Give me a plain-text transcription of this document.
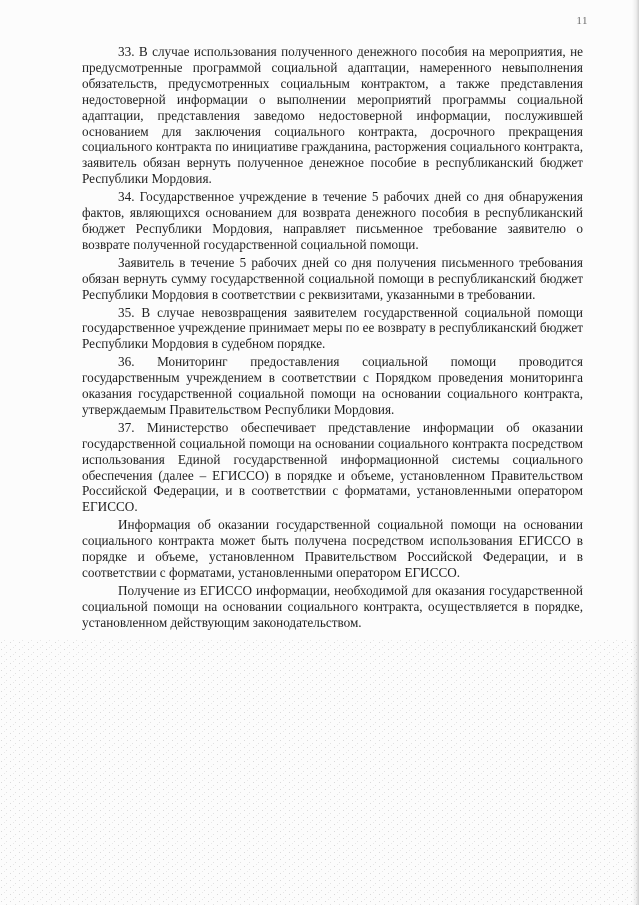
11

33. В случае использования полученного денежного пособия на мероприятия, не предусмотренные программой социальной адаптации, намеренного невыполнения обязательств, предусмотренных социальным контрактом, а также представления недостоверной информации о выполнении мероприятий программы социальной адаптации, представления заведомо недостоверной информации, послужившей основанием для заключения социального контракта, досрочного прекращения социального контракта по инициативе гражданина, расторжения социального контракта, заявитель обязан вернуть полученное денежное пособие в республиканский бюджет Республики Мордовия.

34. Государственное учреждение в течение 5 рабочих дней со дня обнаружения фактов, являющихся основанием для возврата денежного пособия в республиканский бюджет Республики Мордовия, направляет письменное требование заявителю о возврате полученной государственной социальной помощи.

Заявитель в течение 5 рабочих дней со дня получения письменного требования обязан вернуть сумму государственной социальной помощи в республиканский бюджет Республики Мордовия в соответствии с реквизитами, указанными в требовании.

35. В случае невозвращения заявителем государственной социальной помощи государственное учреждение принимает меры по ее возврату в республиканский бюджет Республики Мордовия в судебном порядке.

36. Мониторинг предоставления социальной помощи проводится государственным учреждением в соответствии с Порядком проведения мониторинга оказания государственной социальной помощи на основании социального контракта, утверждаемым Правительством Республики Мордовия.

37. Министерство обеспечивает представление информации об оказании государственной социальной помощи на основании социального контракта посредством использования Единой государственной информационной системы социального обеспечения (далее – ЕГИССО) в порядке и объеме, установленном Правительством Российской Федерации, и в соответствии с форматами, установленными оператором ЕГИССО.

Информация об оказании государственной социальной помощи на основании социального контракта может быть получена посредством использования ЕГИССО в порядке и объеме, установленном Правительством Российской Федерации, и в соответствии с форматами, установленными оператором ЕГИССО.

Получение из ЕГИССО информации, необходимой для оказания государственной социальной помощи на основании социального контракта, осуществляется в порядке, установленном действующим законодательством.
